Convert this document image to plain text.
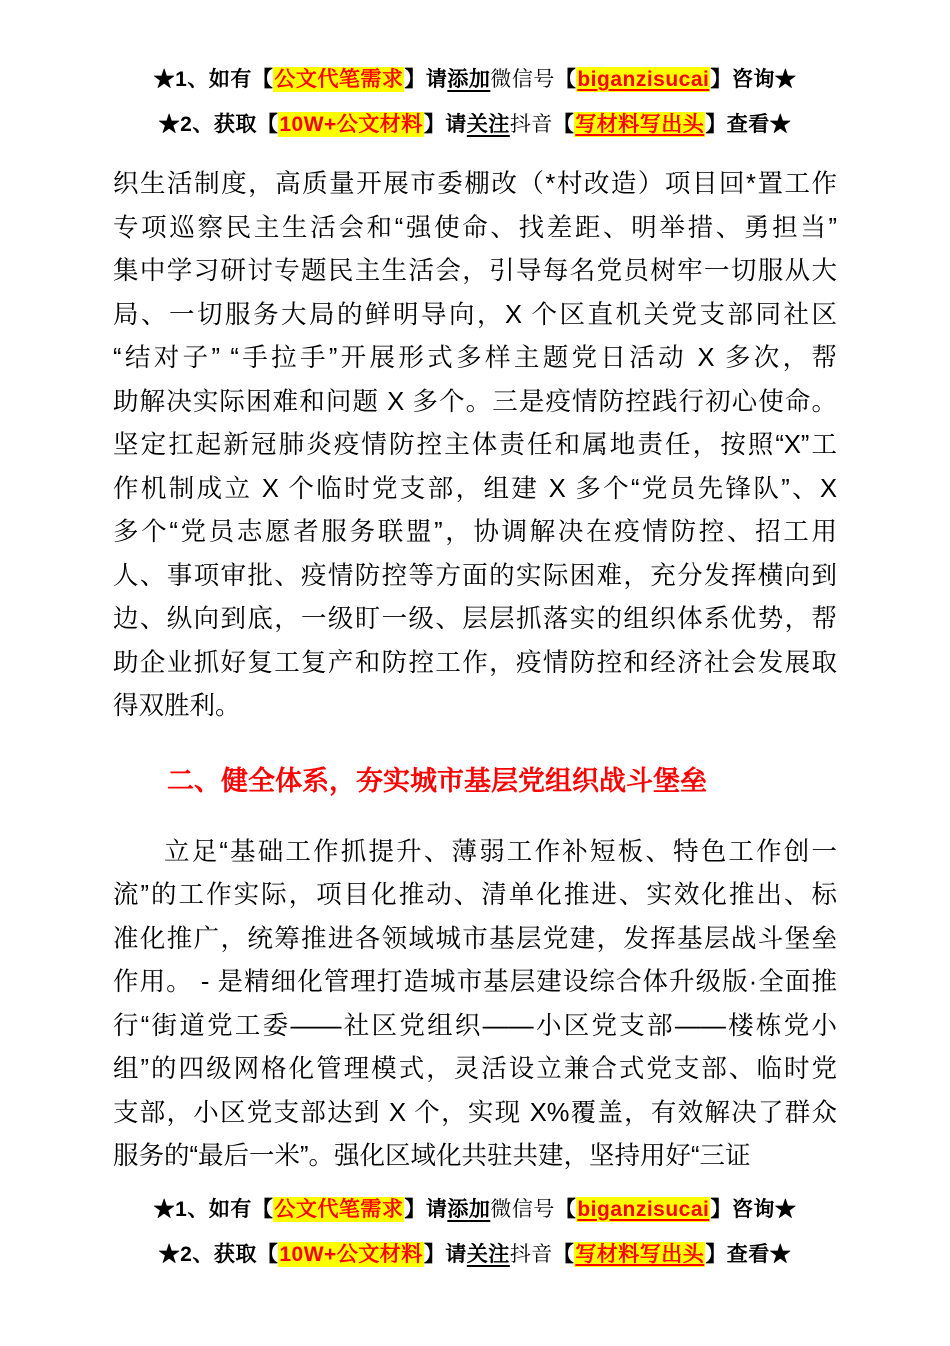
★1、如有【公文代笔需求】请添加微信号【biganzisucai】咨询★
★2、获取【10W+公文材料】请关注抖音【写材料写出头】查看★
织生活制度，高质量开展市委棚改（*村改造）项目回*置工作
专项巡察民主生活会和“强使命、找差距、明举措、勇担当”
集中学习研讨专题民主生活会，引导每名党员树牢一切服从大
局、一切服务大局的鲜明导向，X 个区直机关党支部同社区
“结对子” “手拉手”开展形式多样主题党日活动 X 多次，帮
助解决实际困难和问题 X 多个。三是疫情防控践行初心使命。
坚定扛起新冠肺炎疫情防控主体责任和属地责任，按照“X”工
作机制成立 X 个临时党支部，组建 X 多个“党员先锋队”、X
多个“党员志愿者服务联盟”，协调解决在疫情防控、招工用
人、事项审批、疫情防控等方面的实际困难，充分发挥横向到
边、纵向到底，一级盯一级、层层抓落实的组织体系优势，帮
助企业抓好复工复产和防控工作，疫情防控和经济社会发展取
得双胜利。
二、健全体系，夯实城市基层党组织战斗堡垒
立足“基础工作抓提升、薄弱工作补短板、特色工作创一
流”的工作实际，项目化推动、清单化推进、实效化推出、标
准化推广，统筹推进各领域城市基层党建，发挥基层战斗堡垒
作用。 - 是精细化管理打造城市基层建设综合体升级版·全面推
行“街道党工委——社区党组织——小区党支部——楼栋党小
组”的四级网格化管理模式，灵活设立兼合式党支部、临时党
支部，小区党支部达到 X 个，实现 X%覆盖，有效解决了群众
服务的“最后一米”。强化区域化共驻共建，坚持用好“三证
★1、如有【公文代笔需求】请添加微信号【biganzisucai】咨询★
★2、获取【10W+公文材料】请关注抖音【写材料写出头】查看★
